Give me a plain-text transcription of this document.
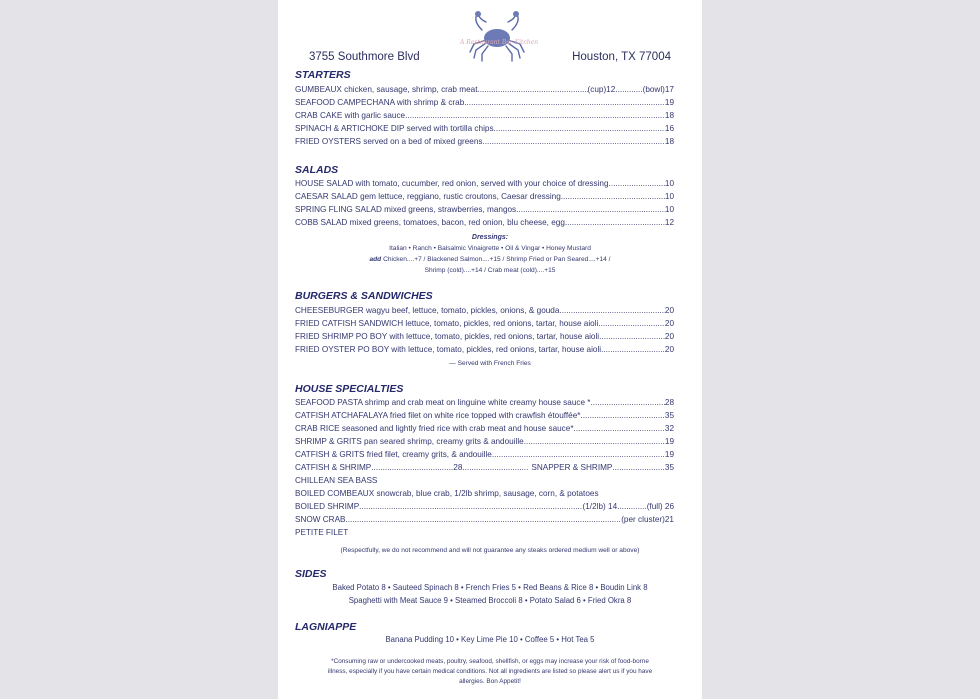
A Restaurant Bar Kitchen
3755 Southmore Blvd	Houston, TX 77004
STARTERS
GUMBEAUX chicken, sausage, shrimp, crab meat .....	(cup)12............(bowl)17
SEAFOOD CAMPECHANA with shrimp & crab .....	19
CRAB CAKE with garlic sauce .....	18
SPINACH & ARTICHOKE DIP served with tortilla chips .....	16
FRIED OYSTERS served on a bed of mixed greens .....	18
SALADS
HOUSE SALAD with tomato, cucumber, red onion, served with your choice of dressing .....	10
CAESAR SALAD gem lettuce, reggiano, rustic croutons, Caesar dressing .....	10
SPRING FLING SALAD mixed greens, strawberries, mangos .....	10
COBB SALAD mixed greens, tomatoes, bacon, red onion, blu cheese, egg .....	12
Dressings:
Italian • Ranch • Balsalmic Vinaigrette • Oil & Vingar • Honey Mustard
add Chicken....+7 / Blackened Salmon....+15 / Shrimp Fried or Pan Seared....+14 /
Shrimp (cold)....+14 / Crab meat (cold)....+15
BURGERS & SANDWICHES
CHEESEBURGER wagyu beef, lettuce, tomato, pickles, onions, & gouda .....	20
FRIED CATFISH SANDWICH lettuce, tomato, pickles, red onions, tartar, house aioli .....	20
FRIED SHRIMP PO BOY with lettuce, tomato, pickles, red onions, tartar, house aioli .....	20
FRIED OYSTER PO BOY with lettuce, tomato, pickles, red onions, tartar, house aioli .....	20
— Served with French Fries
HOUSE SPECIALTIES
SEAFOOD PASTA shrimp and crab meat on linguine white creamy house sauce * .....	28
CATFISH ATCHAFALAYA fried filet on white rice topped with crawfish étouffée* .....	35
CRAB RICE seasoned and lightly fried rice with crab meat and house sauce* .....	32
SHRIMP & GRITS pan seared shrimp, creamy grits & andouille .....	19
CATFISH & GRITS fried filet, creamy grits, & andouille .....	19
CATFISH & SHRIMP .....	28 .....	SNAPPER & SHRIMP .....	35
CHILLEAN SEA BASS
BOILED COMBEAUX snowcrab, blue crab, 1/2lb shrimp, sausage, corn, & potatoes
BOILED SHRIMP .....	(1/2lb) 14.............(full) 26
SNOW CRAB .....	(per cluster)21
PETITE FILET
(Respectfully, we do not recommend and will not guarantee any steaks ordered medium well or above)
SIDES
Baked Potato 8 • Sauteed Spinach 8 • French Fries 5 • Red Beans & Rice 8 • Boudin Link 8
Spaghetti with Meat Sauce 9 • Steamed Broccoli 8 • Potato Salad 6 • Fried Okra 8
LAGNIAPPE
Banana Pudding 10 • Key Lime Pie 10 • Coffee 5 • Hot Tea 5
*Consuming raw or undercooked meats, poultry, seafood, shellfish, or eggs may increase your risk of food-borne
illness, especially if you have certain medical conditions. Not all ingredients are listed so please alert us if you have
allergies. Bon Appetit!
